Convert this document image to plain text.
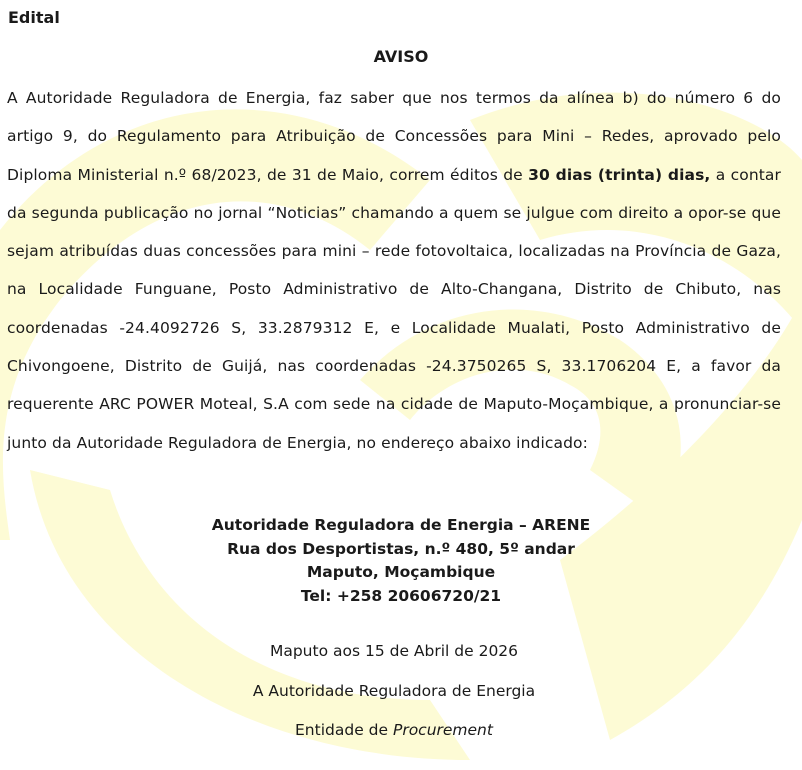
Edital
AVISO
A Autoridade Reguladora de Energia, faz saber que nos termos da alínea b) do número 6 do artigo 9, do Regulamento para Atribuição de Concessões para Mini – Redes, aprovado pelo Diploma Ministerial n.º 68/2023, de 31 de Maio, correm éditos de 30 dias (trinta) dias, a contar da segunda publicação no jornal “Noticias” chamando a quem se julgue com direito a opor-se que sejam atribuídas duas concessões para mini – rede fotovoltaica, localizadas na Província de Gaza, na Localidade Funguane, Posto Administrativo de Alto-Changana, Distrito de Chibuto, nas coordenadas -24.4092726 S, 33.2879312 E, e Localidade Mualati, Posto Administrativo de Chivongoene, Distrito de Guijá, nas coordenadas -24.3750265 S, 33.1706204 E, a favor da requerente ARC POWER Moteal, S.A com sede na cidade de Maputo-Moçambique, a pronunciar-se junto da Autoridade Reguladora de Energia, no endereço abaixo indicado:
Autoridade Reguladora de Energia – ARENE
Rua dos Desportistas, n.º 480, 5º andar
Maputo, Moçambique
Tel: +258 20606720/21
Maputo aos 15 de Abril de 2026
A Autoridade Reguladora de Energia
Entidade de Procurement
